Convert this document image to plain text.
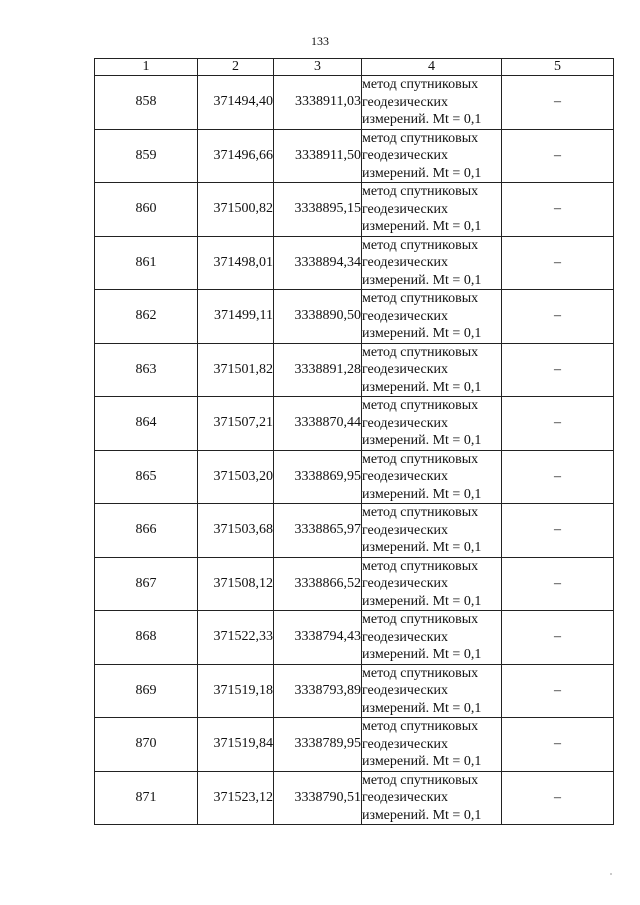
133
1	2	3	4	5
858	371494,40	3338911,03	метод спутниковых геодезических измерений. Mt = 0,1	–
859	371496,66	3338911,50	метод спутниковых геодезических измерений. Mt = 0,1	–
860	371500,82	3338895,15	метод спутниковых геодезических измерений. Mt = 0,1	–
861	371498,01	3338894,34	метод спутниковых геодезических измерений. Mt = 0,1	–
862	371499,11	3338890,50	метод спутниковых геодезических измерений. Mt = 0,1	–
863	371501,82	3338891,28	метод спутниковых геодезических измерений. Mt = 0,1	–
864	371507,21	3338870,44	метод спутниковых геодезических измерений. Mt = 0,1	–
865	371503,20	3338869,95	метод спутниковых геодезических измерений. Mt = 0,1	–
866	371503,68	3338865,97	метод спутниковых геодезических измерений. Mt = 0,1	–
867	371508,12	3338866,52	метод спутниковых геодезических измерений. Mt = 0,1	–
868	371522,33	3338794,43	метод спутниковых геодезических измерений. Mt = 0,1	–
869	371519,18	3338793,89	метод спутниковых геодезических измерений. Mt = 0,1	–
870	371519,84	3338789,95	метод спутниковых геодезических измерений. Mt = 0,1	–
871	371523,12	3338790,51	метод спутниковых геодезических измерений. Mt = 0,1	–
